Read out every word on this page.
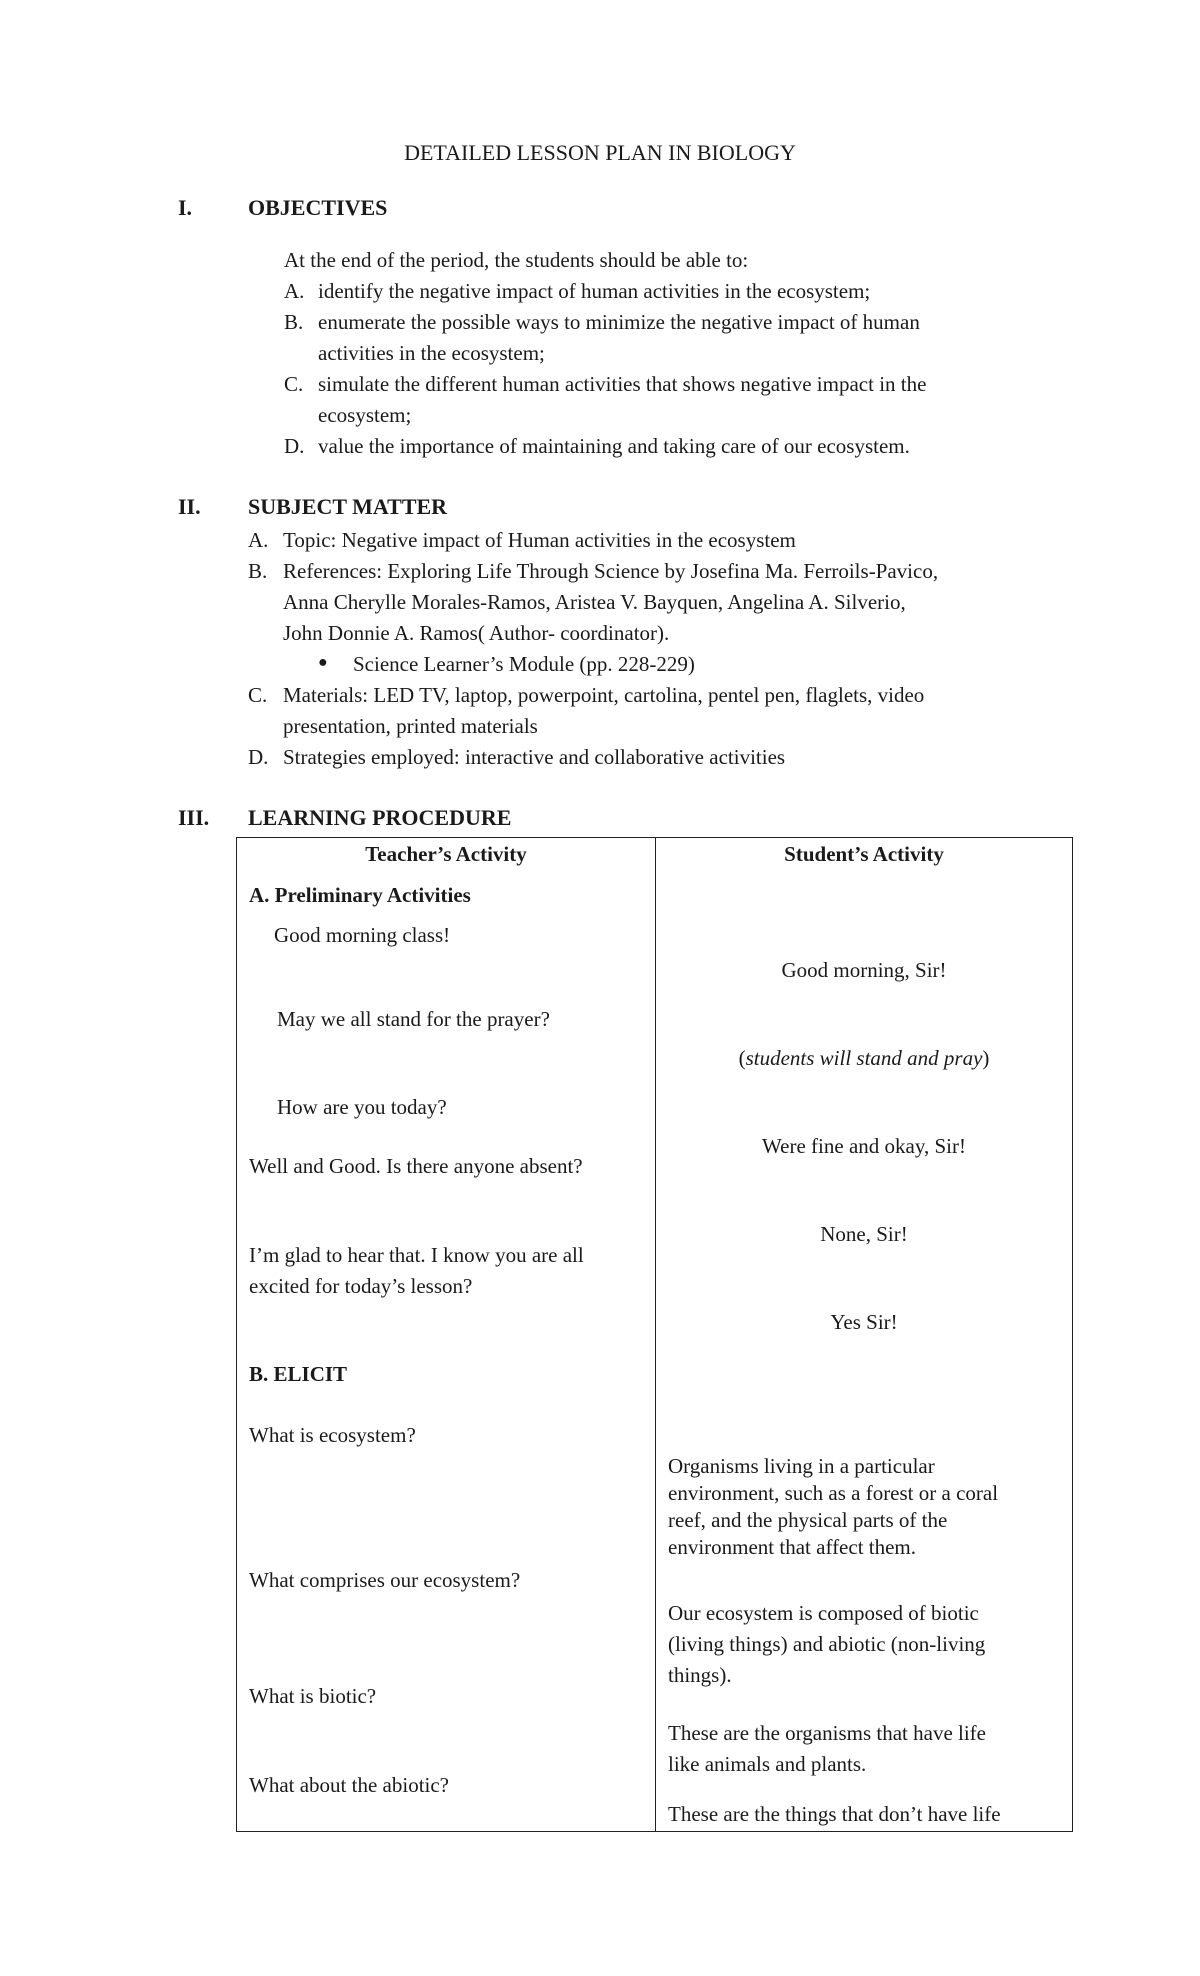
DETAILED LESSON PLAN IN BIOLOGY
I.	OBJECTIVES
At the end of the period, the students should be able to:
A. identify the negative impact of human activities in the ecosystem;
B. enumerate the possible ways to minimize the negative impact of human
activities in the ecosystem;
C. simulate the different human activities that shows negative impact in the
ecosystem;
D. value the importance of maintaining and taking care of our ecosystem.
II. SUBJECT MATTER
A. Topic: Negative impact of Human activities in the ecosystem
B. References: Exploring Life Through Science by Josefina Ma. Ferroils-Pavico,
Anna Cherylle Morales-Ramos, Aristea V. Bayquen, Angelina A. Silverio,
John Donnie A. Ramos( Author- coordinator).
● Science Learner’s Module (pp. 228-229)
C. Materials: LED TV, laptop, powerpoint, cartolina, pentel pen, flaglets, video
presentation, printed materials
D. Strategies employed: interactive and collaborative activities
III. LEARNING PROCEDURE
Teacher’s Activity	Student’s Activity
A. Preliminary Activities
Good morning class!
Good morning, Sir!
May we all stand for the prayer?
(students will stand and pray)
How are you today?
Were fine and okay, Sir!
Well and Good. Is there anyone absent?
None, Sir!
I’m glad to hear that. I know you are all
excited for today’s lesson?
Yes Sir!
B. ELICIT
What is ecosystem?
What comprises our ecosystem?
What is biotic?
What about the abiotic?
Organisms living in a particular
environment, such as a forest or a coral
reef, and the physical parts of the
environment that affect them.
Our ecosystem is composed of biotic
(living things) and abiotic (non-living
things).
These are the organisms that have life
like animals and plants.
These are the things that don’t have life
